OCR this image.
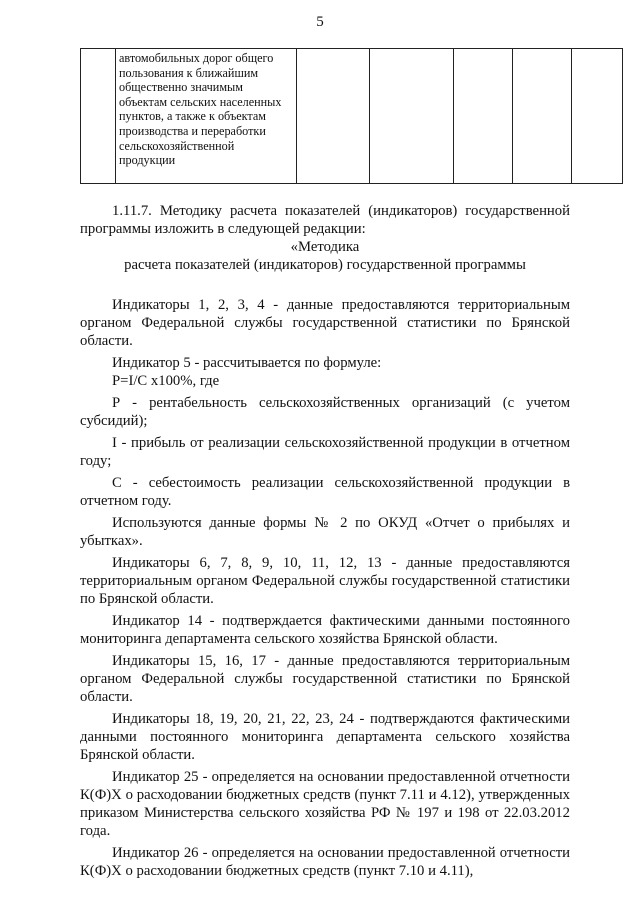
5

автомобильных дорог общего пользования к ближайшим общественно значимым объектам сельских населенных пунктов, а также к объектам производства и переработки сельскохозяйственной продукции

1.11.7. Методику расчета показателей (индикаторов) государственной

программы изложить в следующей редакции:

«Методика

расчета показателей (индикаторов) государственной программы

Индикаторы 1, 2, 3, 4 - данные предоставляются территориальным органом Федеральной службы государственной статистики по Брянской области.

Индикатор 5 - рассчитывается по формуле:

P=I/C x100%, где

Р - рентабельность сельскохозяйственных организаций (с учетом субсидий);

I - прибыль от реализации сельскохозяйственной продукции в отчетном году;

С - себестоимость реализации сельскохозяйственной продукции в отчетном году.

Используются данные формы № 2 по ОКУД «Отчет о прибылях и убытках».

Индикаторы 6, 7, 8, 9, 10, 11, 12, 13 - данные предоставляются территориальным органом Федеральной службы государственной статистики по Брянской области.

Индикатор 14 - подтверждается фактическими данными постоянного мониторинга департамента сельского хозяйства Брянской области.

Индикаторы 15, 16, 17 - данные предоставляются территориальным органом Федеральной службы государственной статистики по Брянской области.

Индикаторы 18, 19, 20, 21, 22, 23, 24 - подтверждаются фактическими данными постоянного мониторинга департамента сельского хозяйства Брянской области.

Индикатор 25 - определяется на основании предоставленной отчетности К(Ф)Х о расходовании бюджетных средств (пункт 7.11 и 4.12), утвержденных приказом Министерства сельского хозяйства РФ № 197 и 198 от 22.03.2012 года.

Индикатор 26 - определяется на основании предоставленной отчетности К(Ф)Х о расходовании бюджетных средств (пункт 7.10 и 4.11),
